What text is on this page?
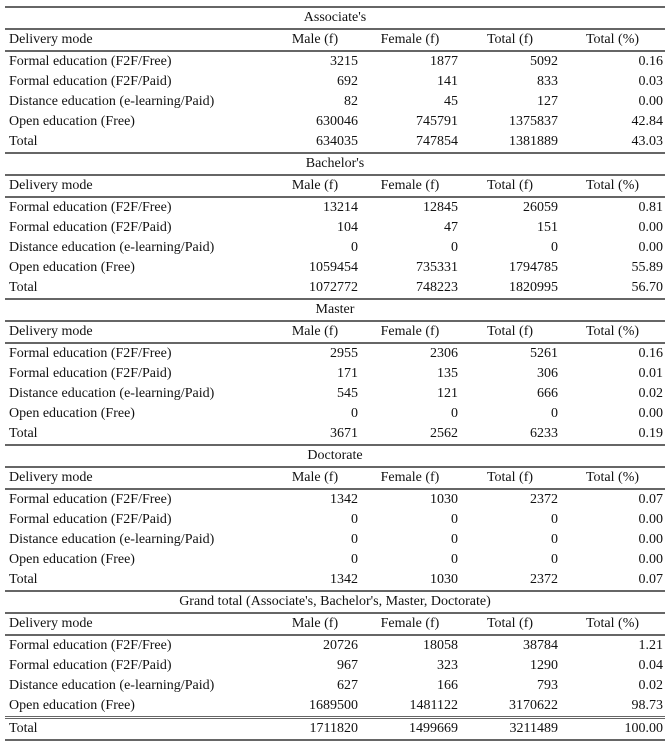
Associate's				
Delivery mode	Male (f)	Female (f)	Total (f)	Total (%)
Formal education (F2F/Free)	3215	1877	5092	0.16
Formal education (F2F/Paid)	692	141	833	0.03
Distance education (e-learning/Paid)	82	45	127	0.00
Open education (Free)	630046	745791	1375837	42.84
Total	634035	747854	1381889	43.03
Bachelor's				
Delivery mode	Male (f)	Female (f)	Total (f)	Total (%)
Formal education (F2F/Free)	13214	12845	26059	0.81
Formal education (F2F/Paid)	104	47	151	0.00
Distance education (e-learning/Paid)	0	0	0	0.00
Open education (Free)	1059454	735331	1794785	55.89
Total	1072772	748223	1820995	56.70
Master				
Delivery mode	Male (f)	Female (f)	Total (f)	Total (%)
Formal education (F2F/Free)	2955	2306	5261	0.16
Formal education (F2F/Paid)	171	135	306	0.01
Distance education (e-learning/Paid)	545	121	666	0.02
Open education (Free)	0	0	0	0.00
Total	3671	2562	6233	0.19
Doctorate				
Delivery mode	Male (f)	Female (f)	Total (f)	Total (%)
Formal education (F2F/Free)	1342	1030	2372	0.07
Formal education (F2F/Paid)	0	0	0	0.00
Distance education (e-learning/Paid)	0	0	0	0.00
Open education (Free)	0	0	0	0.00
Total	1342	1030	2372	0.07
Grand total (Associate's, Bachelor's, Master, Doctorate)				
Delivery mode	Male (f)	Female (f)	Total (f)	Total (%)
Formal education (F2F/Free)	20726	18058	38784	1.21
Formal education (F2F/Paid)	967	323	1290	0.04
Distance education (e-learning/Paid)	627	166	793	0.02
Open education (Free)	1689500	1481122	3170622	98.73
Total	1711820	1499669	3211489	100.00
